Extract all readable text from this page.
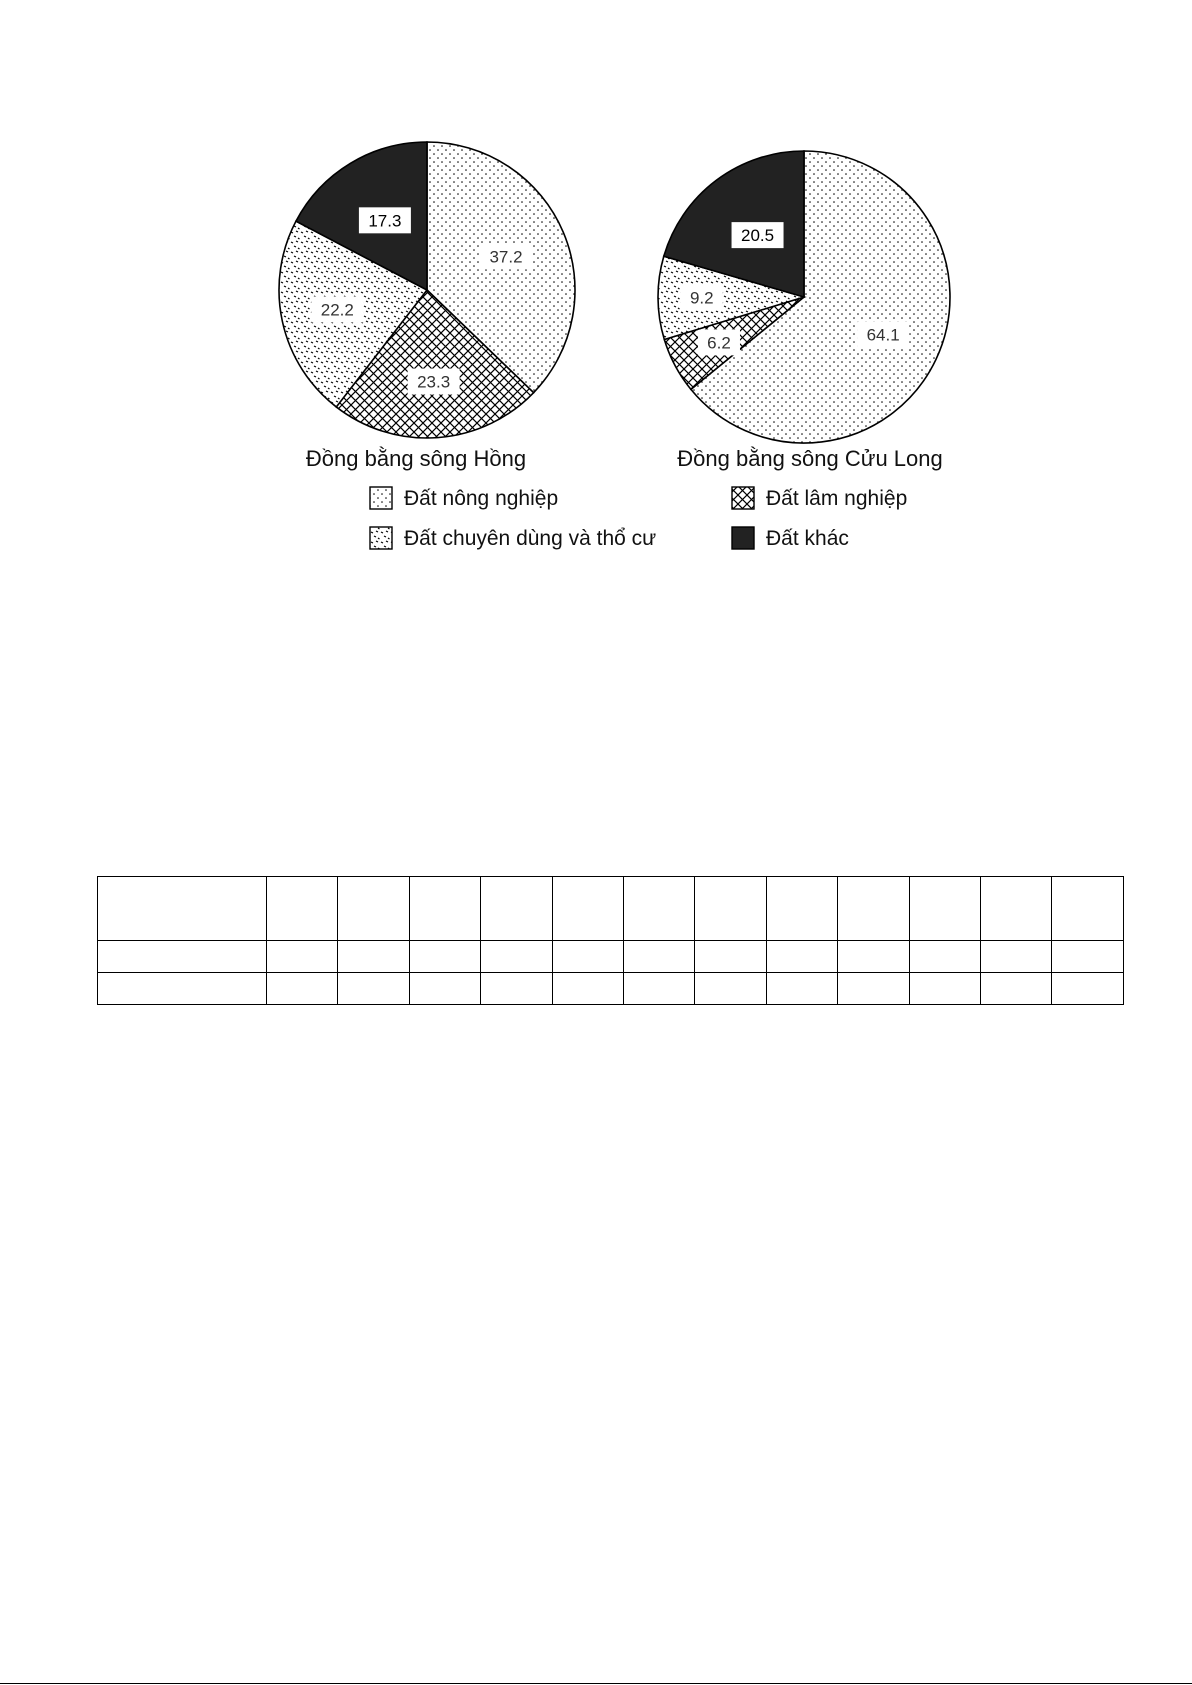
37.2
23.3
22.2
17.3
64.1
6.2
9.2
20.5
Đồng bằng sông Hồng	Đồng bằng sông Cửu Long
Đất nông nghiệp	Đất lâm nghiệp
Đất chuyên dùng và thổ cư	Đất khác
